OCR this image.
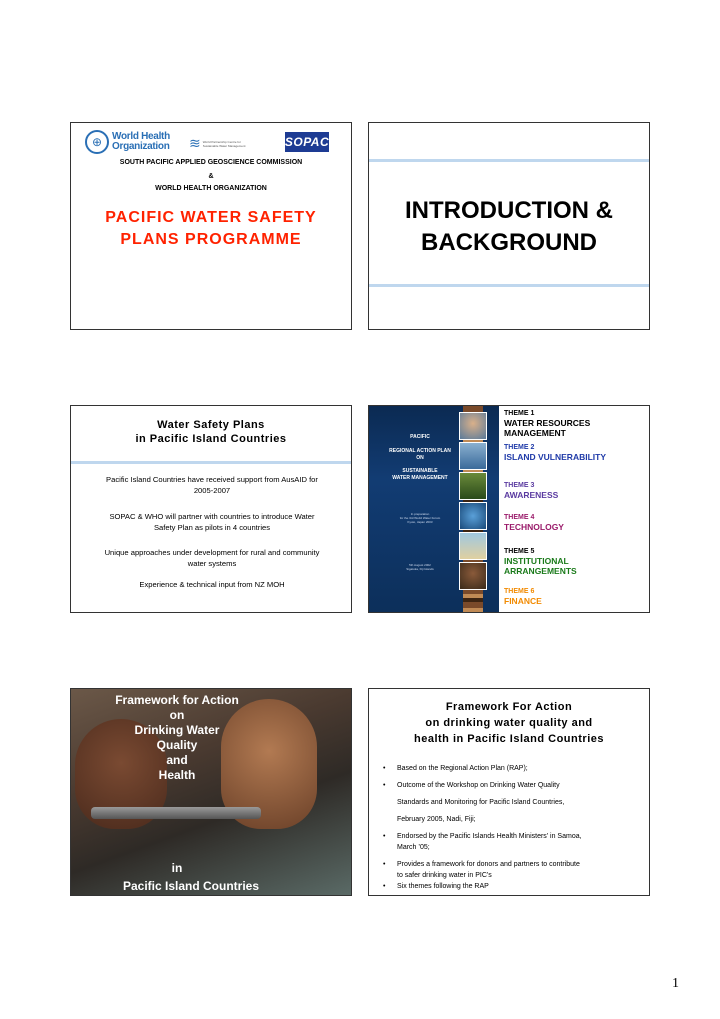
⊕ World Health
Organization ≋ World Partnership Centre for Sustainable Water Management	SOPAC
SOUTH PACIFIC APPLIED GEOSCIENCE COMMISSION
&
WORLD HEALTH ORGANIZATION
PACIFIC WATER SAFETY
PLANS PROGRAMME
INTRODUCTION &
BACKGROUND
Water Safety Plans
in Pacific Island Countries
Pacific Island Countries have received support from AusAID for
2005-2007
SOPAC & WHO will partner with countries to introduce Water
Safety Plan as pilots in 4 countries
Unique approaches under development for rural and community
water systems
Experience & technical input from NZ MOH
PACIFIC
REGIONAL ACTION PLAN
ON
SUSTAINABLE
WATER MANAGEMENT
In preparation
for the 3rd World Water Forum
Kyoto, Japan 2003
5th August 2002
Sigatoka, Fiji Islands
THEME 1
WATER RESOURCES
MANAGEMENT
THEME 2
ISLAND VULNERABILITY
THEME 3
AWARENESS
THEME 4
TECHNOLOGY
THEME 5
INSTITUTIONAL
ARRANGEMENTS
THEME 6
FINANCE
Framework for Action
on
Drinking Water
Quality
and
Health
in
Pacific Island Countries
Framework For Action
on drinking water quality and
health in Pacific Island Countries
• Based on the Regional Action Plan (RAP);
• Outcome of the Workshop on Drinking Water Quality
Standards and Monitoring for Pacific Island Countries,
February 2005, Nadi, Fiji;
• Endorsed by the Pacific Islands Health Ministers’ in Samoa,
March ’05;
• Provides a framework for donors and partners to contribute
to safer drinking water in PIC’s
• Six themes following the RAP
1
